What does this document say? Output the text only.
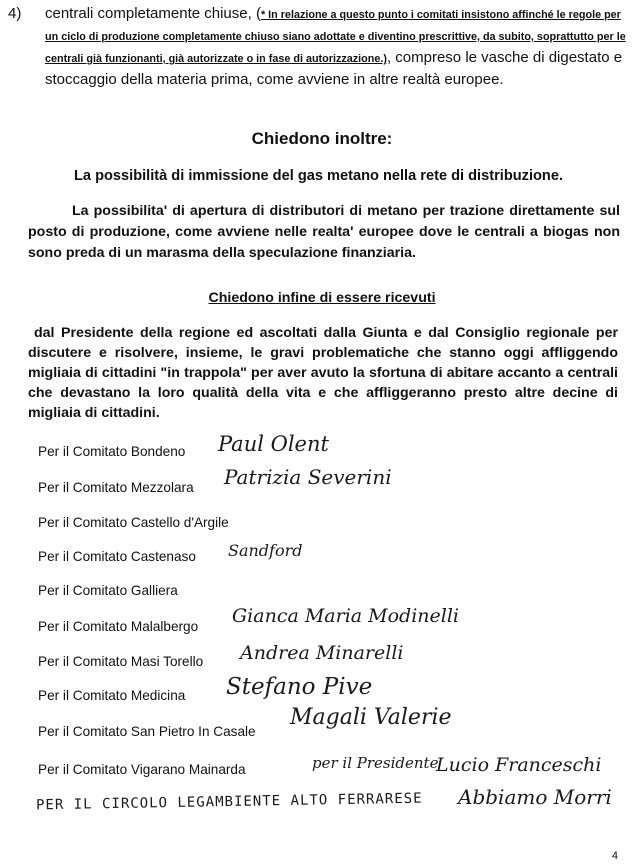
4) centrali completamente chiuse, (* In relazione a questo punto i comitati insistono affinché le regole per un ciclo di produzione completamente chiuso siano adottate e diventino prescrittive, da subito, soprattutto per le centrali già funzionanti, già autorizzate o in fase di autorizzazione.), compreso le vasche di digestato e stoccaggio della materia prima, come avviene in altre realtà europee.
Chiedono inoltre:
La possibilità di immissione del gas metano nella rete di distribuzione.
La possibilita' di apertura di distributori di metano per trazione direttamente sul posto di produzione, come avviene nelle realta' europee dove le centrali a biogas non sono preda di un marasma della speculazione finanziaria.
Chiedono infine di essere ricevuti
dal Presidente della regione ed ascoltati dalla Giunta e dal Consiglio regionale per discutere e risolvere, insieme, le gravi problematiche che stanno oggi affliggendo migliaia di cittadini "in trappola" per aver avuto la sfortuna di abitare accanto a centrali che devastano la loro qualità della vita e che affliggeranno presto altre decine di migliaia di cittadini.
Per il Comitato Bondeno Paul Olent
Per il Comitato Mezzolara Patrizia Severini
Per il Comitato Castello d'Argile
Per il Comitato Castenaso Sandford
Per il Comitato Galliera
Per il Comitato Malalbergo Gianca Maria Modinelli
Per il Comitato Masi Torello Andrea Minarelli
Per il Comitato Medicina Stefano Pive
Per il Comitato San Pietro In Casale
Magali Valerie
Per il Comitato Vigarano Mainarda	per il Presidente
Lucio Franceschi
PER IL CIRCOLO LEGAMBIENTE ALTO FERRARESE Abbiamo Morri
4
